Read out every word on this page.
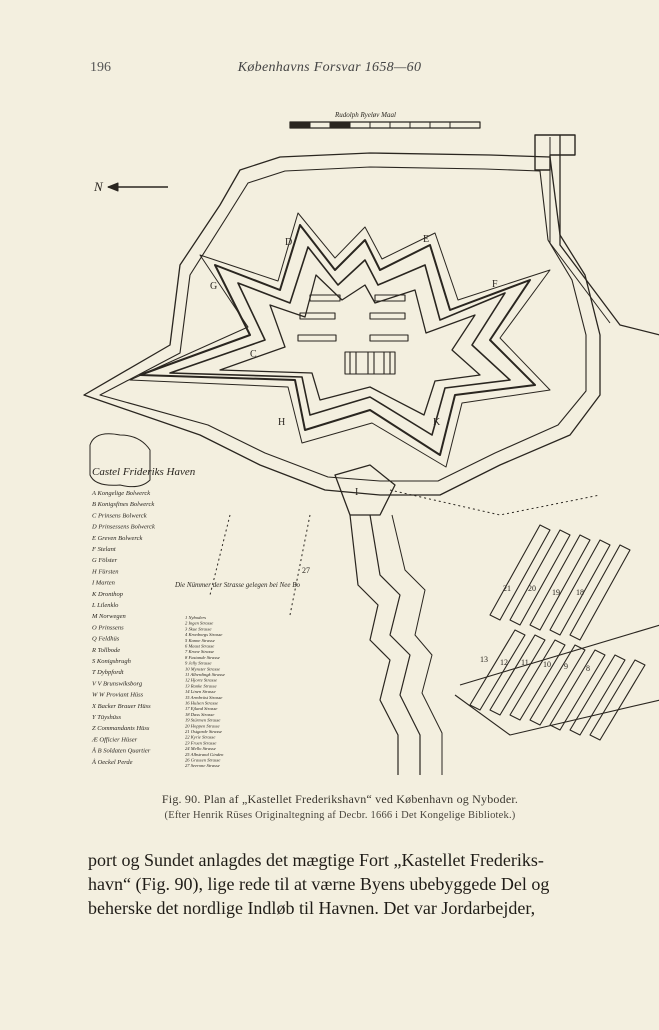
Københavns Forsvar 1658—60
196
D	E
F
G
C
H	K
I
Rudolph Ryeløv Maal
N
Castel Frideriks Haven
27
21 20 19 18
13 12 11 10 9 8
A Kongelige Bolwerck
B Konigsfines Bolwerck
C Prinsens Bolwerck
D Prinsessens Bolwerck
E Greven Bolwerck
F Stelant
G Fölster
H Fürsten
I Marten
K Dronthop
L Lilenklo
M Norwegen
O Prinssens
Q Feldhüs
R Tollbode
S Konigsbrugh
T Dybpfordt
V V Brunswiksborg
W W Proviant Hüss
X Backer Brauer Hüss
Y Tüyshüss
Z Commandants Hüss
Æ Officier Hüser
Å B Soldaten Quartier
Å Oeckel Perde
Die Nümmer der Strasse gelegen bei Nee Bo
1 Nyboders
2 Ingen Strasse
3 Skue Strasse
4 Kronborgs Strasse
5 Kanne Strasse
6 Maast Strasse
7 Krone Strasse
8 Fastande Strasse
9 Jelly Strasse
10 Mynster Strasse
11 Alberdingk Strasse
12 Hjorte Strasse
13 Ranke Strasse
14 Linen Strasse
15 Armbrüst Strasse
16 Hulsen Strasse
17 Ejland Strasse
18 Dass Strasse
19 Stürmen Strasse
20 Hoppen Strasse
21 Ostgarde Strasse
22 Kyrie Strasse
23 Fruen Strasse
24 Mello Strasse
25 Albstrand Ginden
26 Grassen Strasse
27 Seerone Strasse
Fig. 90. Plan af „Kastellet Frederikshavn“ ved København og Nyboder.
(Efter Henrik Rüses Originaltegning af Decbr. 1666 i Det Kongelige Bibliotek.)
port og Sundet anlagdes det mægtige Fort „Kastellet Frederiks-
havn“ (Fig. 90), lige rede til at værne Byens ubebyggede Del og
beherske det nordlige Indløb til Havnen. Det var Jordarbejder,
